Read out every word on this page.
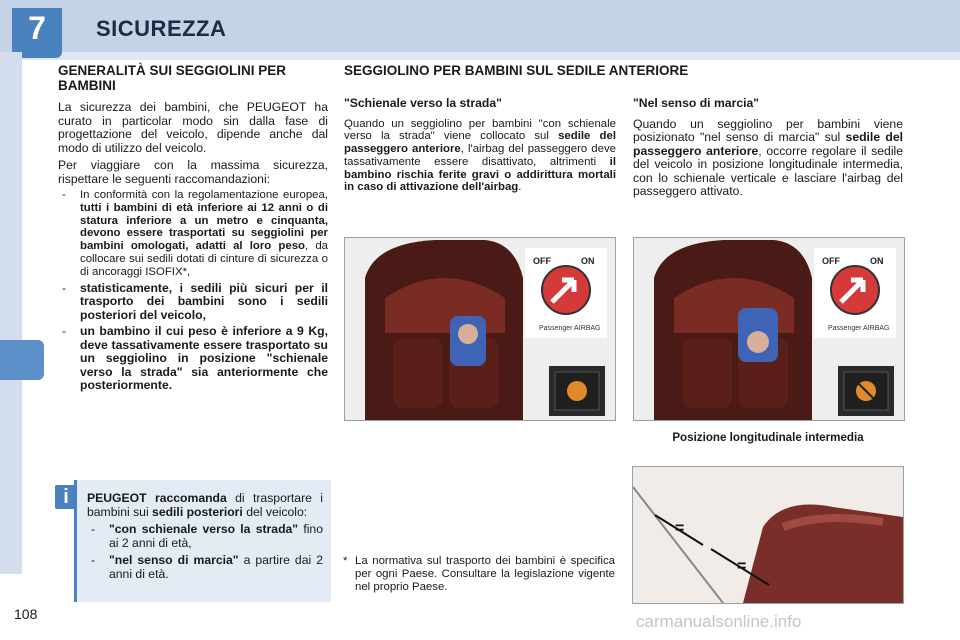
7	SICUREZZA
GENERALITÀ SUI SEGGIOLINI PER BAMBINI

La sicurezza dei bambini, che PEUGEOT ha curato in particolar modo sin dalla fase di progettazione del veicolo, dipende anche dal modo di utilizzo del veicolo.

Per viaggiare con la massima sicurezza, rispettare le seguenti raccomandazioni:

- In conformità con la regolamentazione europea, tutti i bambini di età inferiore ai 12 anni o di statura inferiore a un metro e cinquanta, devono essere trasportati su seggiolini per bambini omologati, adatti al loro peso, da collocare sui sedili dotati di cinture di sicurezza o di ancoraggi ISOFIX*,
- statisticamente, i sedili più sicuri per il trasporto dei bambini sono i sedili posteriori del veicolo,
- un bambino il cui peso è inferiore a 9 Kg, deve tassativamente essere trasportato su un seggiolino in posizione "schienale verso la strada" sia anteriormente che posteriormente.

PEUGEOT raccomanda di trasportare i bambini sui sedili posteriori del veicolo:

- "con schienale verso la strada" fino ai 2 anni di età,
- "nel senso di marcia" a partire dai 2 anni di età.
i
SEGGIOLINO PER BAMBINI SUL SEDILE ANTERIORE

"Schienale verso la strada"

Quando un seggiolino per bambini "con schienale verso la strada" viene collocato sul sedile del passeggero anteriore, l'airbag del passeggero deve tassativamente essere disattivato, altrimenti il bambino rischia ferite gravi o addirittura mortali in caso di attivazione dell'airbag.

"Nel senso di marcia"

Quando un seggiolino per bambini viene posizionato "nel senso di marcia" sul sedile del passeggero anteriore, occorre regolare il sedile del veicolo in posizione longitudinale intermedia, con lo schienale verticale e lasciare l'airbag del passeggero attivato.

OFF	ON
Passenger AIRBAG
OFF	ON
Passenger AIRBAG
Posizione longitudinale intermedia
=
=
* La normativa sul trasporto dei bambini è specifica per ogni Paese. Consultare la legislazione vigente nel proprio Paese.

108	carmanualsonline.info
